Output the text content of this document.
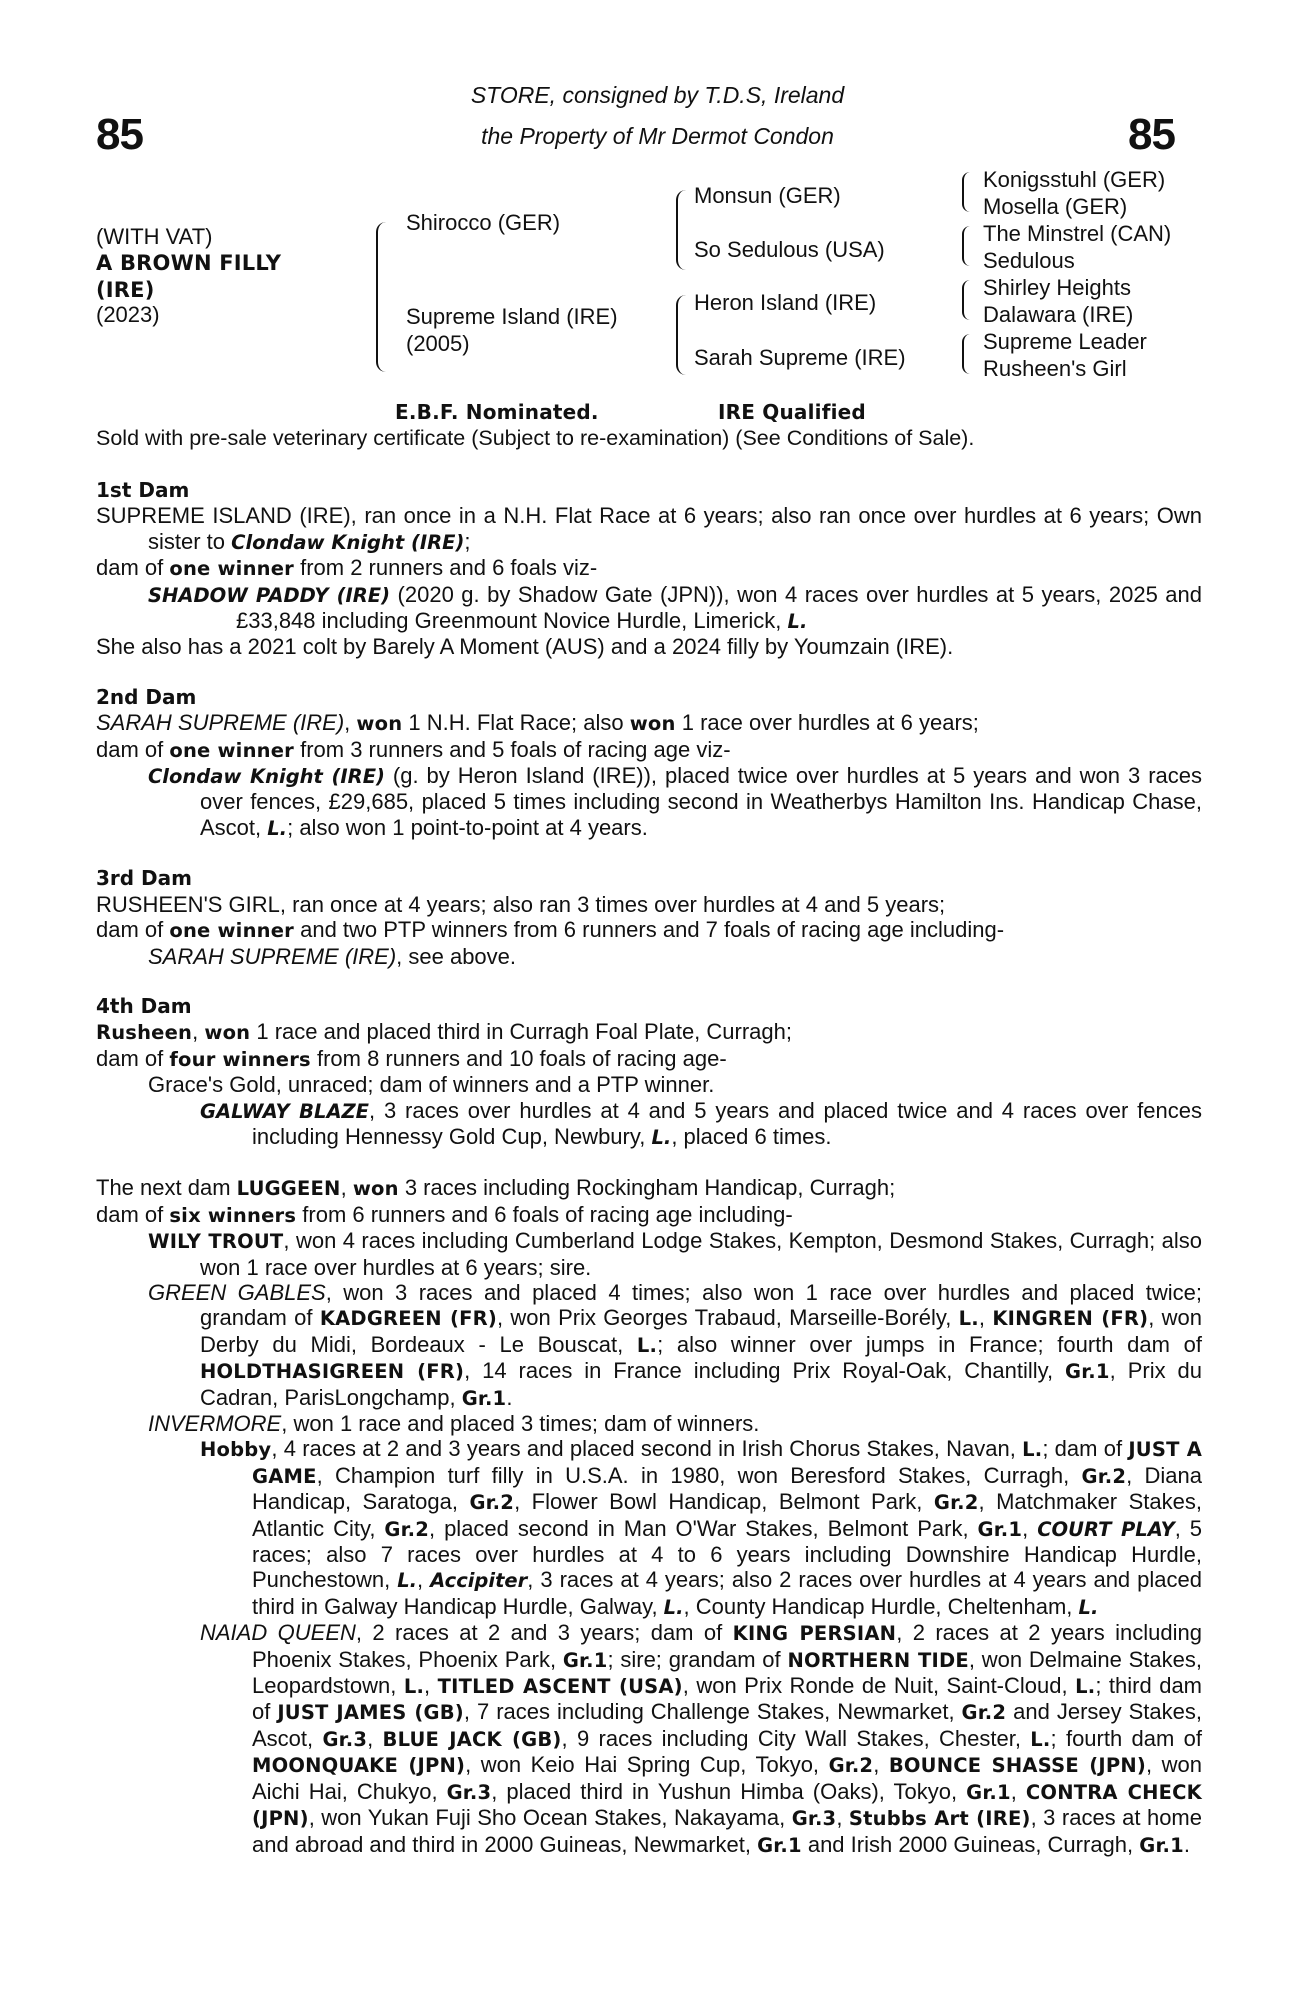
85	85
STORE, consigned by T.D.S, Ireland
the Property of Mr Dermot Condon
(WITH VAT)
A BROWN FILLY
(IRE)
(2023)
Shirocco (GER)
Supreme Island (IRE)
(2005)
Monsun (GER)
So Sedulous (USA)
Heron Island (IRE)
Sarah Supreme (IRE)
Konigsstuhl (GER)
Mosella (GER)
The Minstrel (CAN)
Sedulous
Shirley Heights
Dalawara (IRE)
Supreme Leader
Rusheen's Girl
E.B.F. Nominated.	IRE Qualified
Sold with pre-sale veterinary certificate (Subject to re-examination) (See Conditions of Sale).
1st Dam
SUPREME ISLAND (IRE), ran once in a N.H. Flat Race at 6 years; also ran once over hurdles at 6 years; Own sister to Clondaw Knight (IRE);
dam of one winner from 2 runners and 6 foals viz-
SHADOW PADDY (IRE) (2020 g. by Shadow Gate (JPN)), won 4 races over hurdles at 5 years, 2025 and £33,848 including Greenmount Novice Hurdle, Limerick, L.
She also has a 2021 colt by Barely A Moment (AUS) and a 2024 filly by Youmzain (IRE).
2nd Dam
SARAH SUPREME (IRE), won 1 N.H. Flat Race; also won 1 race over hurdles at 6 years;
dam of one winner from 3 runners and 5 foals of racing age viz-
Clondaw Knight (IRE) (g. by Heron Island (IRE)), placed twice over hurdles at 5 years and won 3 races over fences, £29,685, placed 5 times including second in Weatherbys Hamilton Ins. Handicap Chase, Ascot, L.; also won 1 point-to-point at 4 years.
3rd Dam
RUSHEEN'S GIRL, ran once at 4 years; also ran 3 times over hurdles at 4 and 5 years;
dam of one winner and two PTP winners from 6 runners and 7 foals of racing age including-
SARAH SUPREME (IRE), see above.
4th Dam
Rusheen, won 1 race and placed third in Curragh Foal Plate, Curragh;
dam of four winners from 8 runners and 10 foals of racing age-
Grace's Gold, unraced; dam of winners and a PTP winner.
GALWAY BLAZE, 3 races over hurdles at 4 and 5 years and placed twice and 4 races over fences including Hennessy Gold Cup, Newbury, L., placed 6 times.
The next dam LUGGEEN, won 3 races including Rockingham Handicap, Curragh;
dam of six winners from 6 runners and 6 foals of racing age including-
WILY TROUT, won 4 races including Cumberland Lodge Stakes, Kempton, Desmond Stakes, Curragh; also won 1 race over hurdles at 6 years; sire.
GREEN GABLES, won 3 races and placed 4 times; also won 1 race over hurdles and placed twice; grandam of KADGREEN (FR), won Prix Georges Trabaud, Marseille-Borély, L., KINGREN (FR), won Derby du Midi, Bordeaux - Le Bouscat, L.; also winner over jumps in France; fourth dam of HOLDTHASIGREEN (FR), 14 races in France including Prix Royal-Oak, Chantilly, Gr.1, Prix du Cadran, ParisLongchamp, Gr.1.
INVERMORE, won 1 race and placed 3 times; dam of winners.
Hobby, 4 races at 2 and 3 years and placed second in Irish Chorus Stakes, Navan, L.; dam of JUST A GAME, Champion turf filly in U.S.A. in 1980, won Beresford Stakes, Curragh, Gr.2, Diana Handicap, Saratoga, Gr.2, Flower Bowl Handicap, Belmont Park, Gr.2, Matchmaker Stakes, Atlantic City, Gr.2, placed second in Man O'War Stakes, Belmont Park, Gr.1, COURT PLAY, 5 races; also 7 races over hurdles at 4 to 6 years including Downshire Handicap Hurdle, Punchestown, L., Accipiter, 3 races at 4 years; also 2 races over hurdles at 4 years and placed third in Galway Handicap Hurdle, Galway, L., County Handicap Hurdle, Cheltenham, L.
NAIAD QUEEN, 2 races at 2 and 3 years; dam of KING PERSIAN, 2 races at 2 years including Phoenix Stakes, Phoenix Park, Gr.1; sire; grandam of NORTHERN TIDE, won Delmaine Stakes, Leopardstown, L., TITLED ASCENT (USA), won Prix Ronde de Nuit, Saint-Cloud, L.; third dam of JUST JAMES (GB), 7 races including Challenge Stakes, Newmarket, Gr.2 and Jersey Stakes, Ascot, Gr.3, BLUE JACK (GB), 9 races including City Wall Stakes, Chester, L.; fourth dam of MOONQUAKE (JPN), won Keio Hai Spring Cup, Tokyo, Gr.2, BOUNCE SHASSE (JPN), won Aichi Hai, Chukyo, Gr.3, placed third in Yushun Himba (Oaks), Tokyo, Gr.1, CONTRA CHECK (JPN), won Yukan Fuji Sho Ocean Stakes, Nakayama, Gr.3, Stubbs Art (IRE), 3 races at home and abroad and third in 2000 Guineas, Newmarket, Gr.1 and Irish 2000 Guineas, Curragh, Gr.1.
